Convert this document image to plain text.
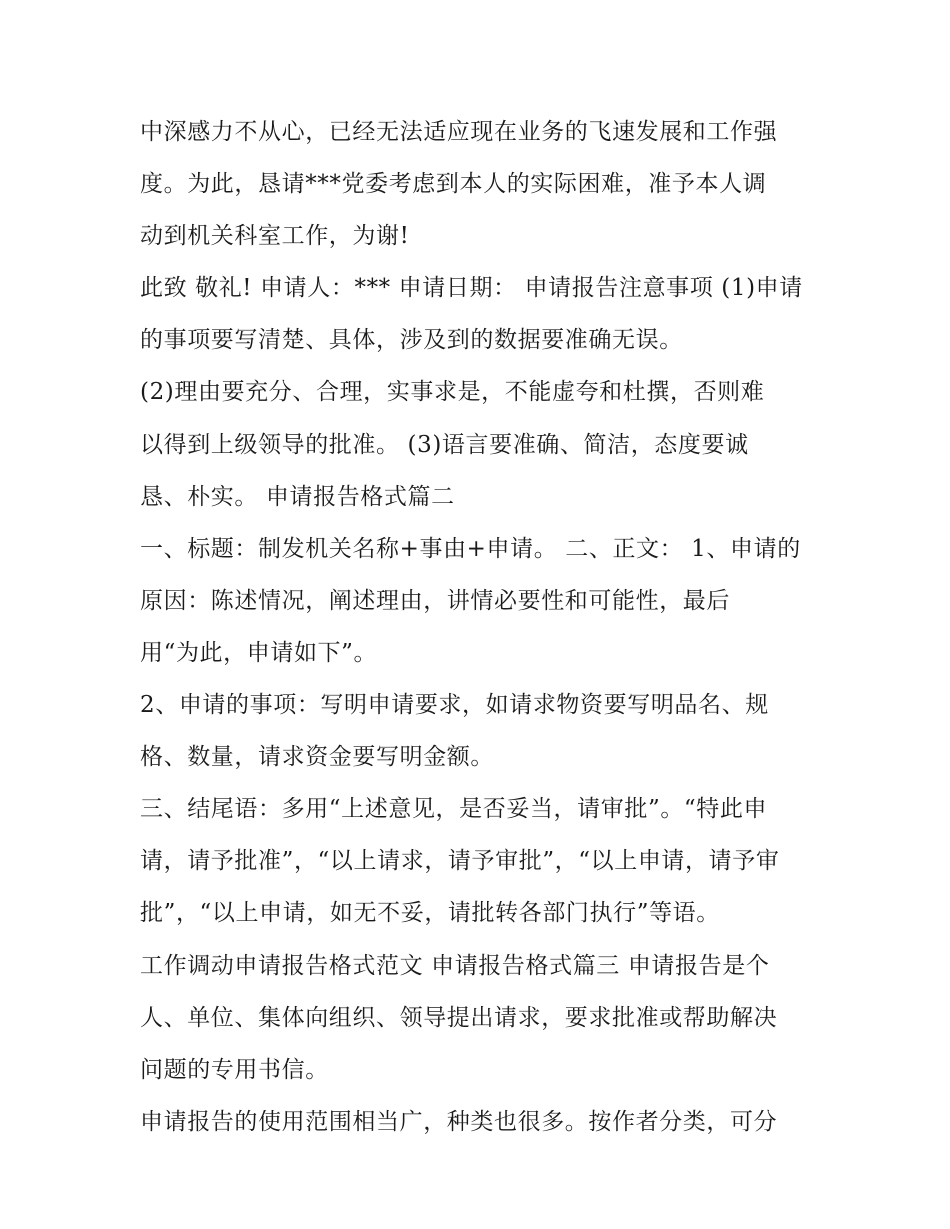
中深感力不从心，已经无法适应现在业务的飞速发展和工作强
度。为此，恳请***党委考虑到本人的实际困难，准予本人调
动到机关科室工作，为谢!
此致 敬礼! 申请人：*** 申请日期： 申请报告注意事项 (1)申请
的事项要写清楚、具体，涉及到的数据要准确无误。
(2)理由要充分、合理，实事求是，不能虚夸和杜撰，否则难
以得到上级领导的批准。 (3)语言要准确、简洁，态度要诚
恳、朴实。 申请报告格式篇二
一、标题：制发机关名称+事由+申请。 二、正文： 1、申请的
原因：陈述情况，阐述理由，讲情必要性和可能性，最后
用“为此，申请如下”。
2、申请的事项：写明申请要求，如请求物资要写明品名、规
格、数量，请求资金要写明金额。
三、结尾语：多用“上述意见，是否妥当，请审批”。“特此申
请，请予批准”，“以上请求，请予审批”，“以上申请，请予审
批”，“以上申请，如无不妥，请批转各部门执行”等语。
工作调动申请报告格式范文 申请报告格式篇三 申请报告是个
人、单位、集体向组织、领导提出请求，要求批准或帮助解决
问题的专用书信。
申请报告的使用范围相当广，种类也很多。按作者分类，可分
